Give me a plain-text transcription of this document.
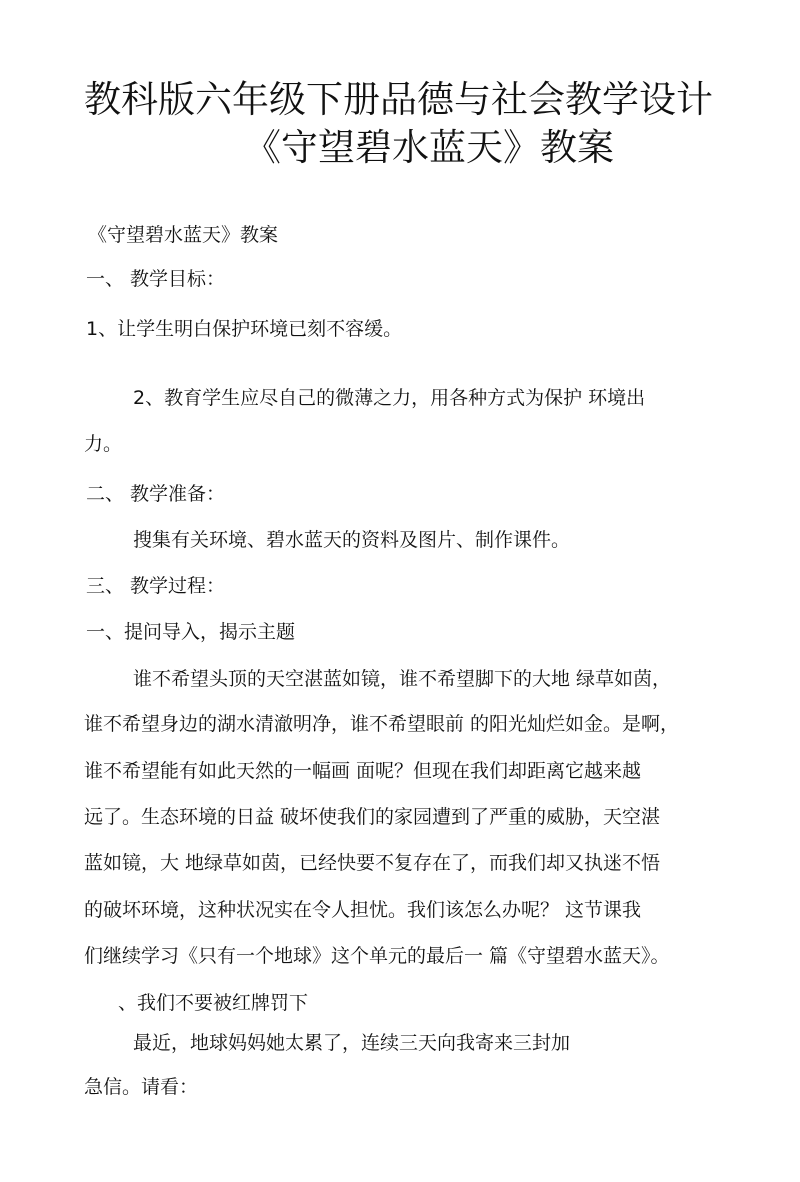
教科版六年级下册品德与社会教学设计
《守望碧水蓝天》教案
《守望碧水蓝天》教案
一、 教学目标：
1、让学生明白保护环境已刻不容缓。
2、教育学生应尽自己的微薄之力，用各种方式为保护 环境出
力。
二、 教学准备：
搜集有关环境、碧水蓝天的资料及图片、制作课件。
三、 教学过程：
一、提问导入，揭示主题
谁不希望头顶的天空湛蓝如镜，谁不希望脚下的大地 绿草如茵，
谁不希望身边的湖水清澈明净，谁不希望眼前 的阳光灿烂如金。是啊，
谁不希望能有如此天然的一幅画 面呢？但现在我们却距离它越来越
远了。生态环境的日益 破坏使我们的家园遭到了严重的威胁，天空湛
蓝如镜，大 地绿草如茵，已经快要不复存在了，而我们却又执迷不悟
的破坏环境，这种状况实在令人担忧。我们该怎么办呢？ 这节课我
们继续学习《只有一个地球》这个单元的最后一 篇《守望碧水蓝天》。
、我们不要被红牌罚下
最近，地球妈妈她太累了，连续三天向我寄来三封加
急信。请看：
